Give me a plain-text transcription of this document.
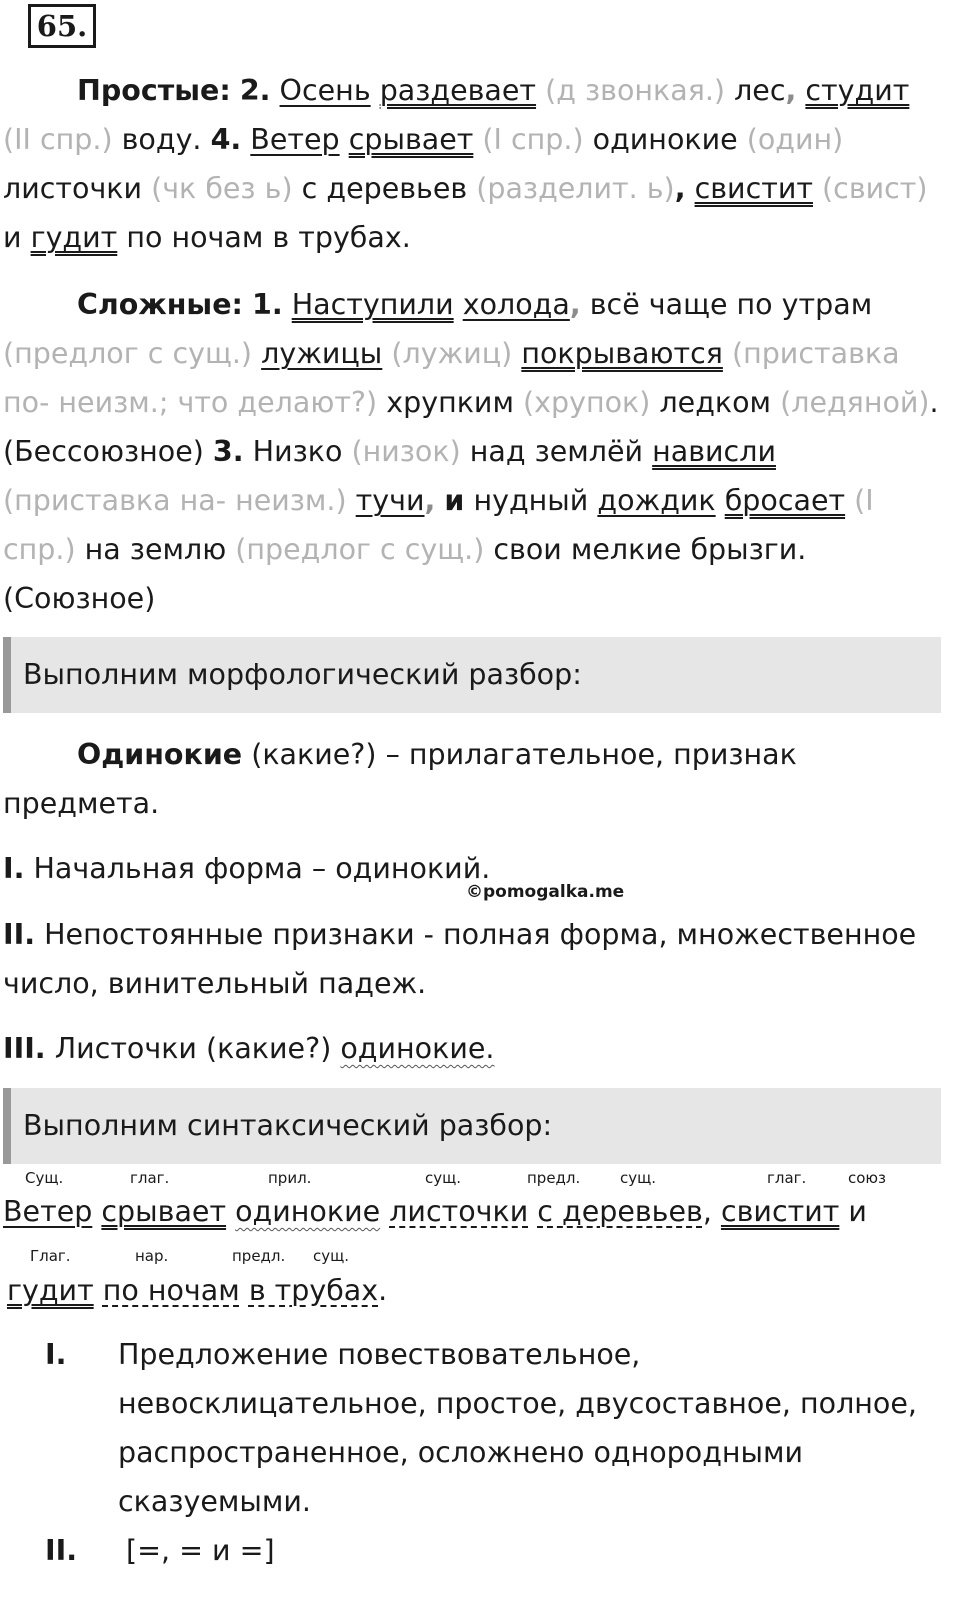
65.

Простые: 2. Осень раздевает (д звонкая.) лес, студит (II спр.) воду. 4. Ветер срывает (I спр.) одинокие (один) листочки (чк без ь) с деревьев (разделит. ь), свистит (свист) и гудит по ночам в трубах.

Сложные: 1. Наступили холода, всё чаще по утрам (предлог с сущ.) лужицы (лужиц) покрываются (приставка по- неизм.; что делают?) хрупким (хрупок) ледком (ледяной). (Бессоюзное) 3. Низко (низок) над землёй нависли (приставка на- неизм.) тучи, и нудный дождик бросает (I спр.) на землю (предлог с сущ.) свои мелкие брызги. (Союзное)

Выполним морфологический разбор:

Одинокие (какие?) – прилагательное, признак предмета.

I. Начальная форма – одинокий.

©pomogalka.me

II. Непостоянные признаки - полная форма, множественное число, винительный падеж.

III. Листочки (какие?) одинокие.

Выполним синтаксический разбор:
Сущ.	глаг.	прил.	сущ.	предл.	сущ.	глаг.	союз
Ветер срывает одинокие листочки с деревьев, свистит и
Глаг.	нар.	предл. сущ.
гудит по ночам в трубах.
I. Предложение повествовательное, невосклицательное, простое, двусоставное, полное, распространенное, осложнено однородными сказуемыми.
II. [=, = и =]
